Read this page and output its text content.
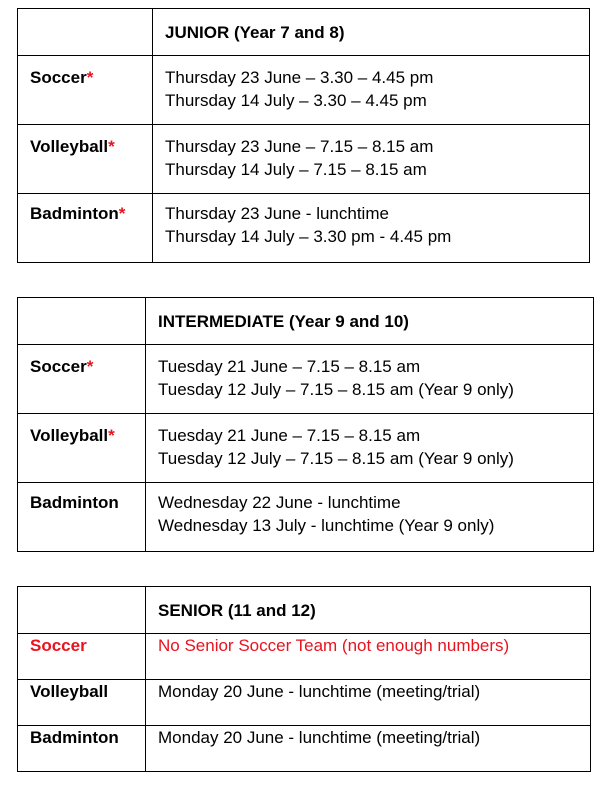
	JUNIOR (Year 7 and 8)
Soccer*	Thursday 23 June – 3.30 – 4.45 pm
Thursday 14 July – 3.30 – 4.45 pm

Volleyball*	Thursday 23 June – 7.15 – 8.15 am
Thursday 14 July – 7.15 – 8.15 am

Badminton*	Thursday 23 June - lunchtime
Thursday 14 July – 3.30 pm - 4.45 pm
	INTERMEDIATE (Year 9 and 10)
Soccer*	Tuesday 21 June – 7.15 – 8.15 am
Tuesday 12 July – 7.15 – 8.15 am (Year 9 only)

Volleyball*	Tuesday 21 June – 7.15 – 8.15 am
Tuesday 12 July – 7.15 – 8.15 am (Year 9 only)

Badminton	Wednesday 22 June - lunchtime
Wednesday 13 July - lunchtime (Year 9 only)
	SENIOR (11 and 12)
Soccer	No Senior Soccer Team (not enough numbers)
Volleyball	Monday 20 June - lunchtime (meeting/trial)
Badminton	Monday 20 June - lunchtime (meeting/trial)
